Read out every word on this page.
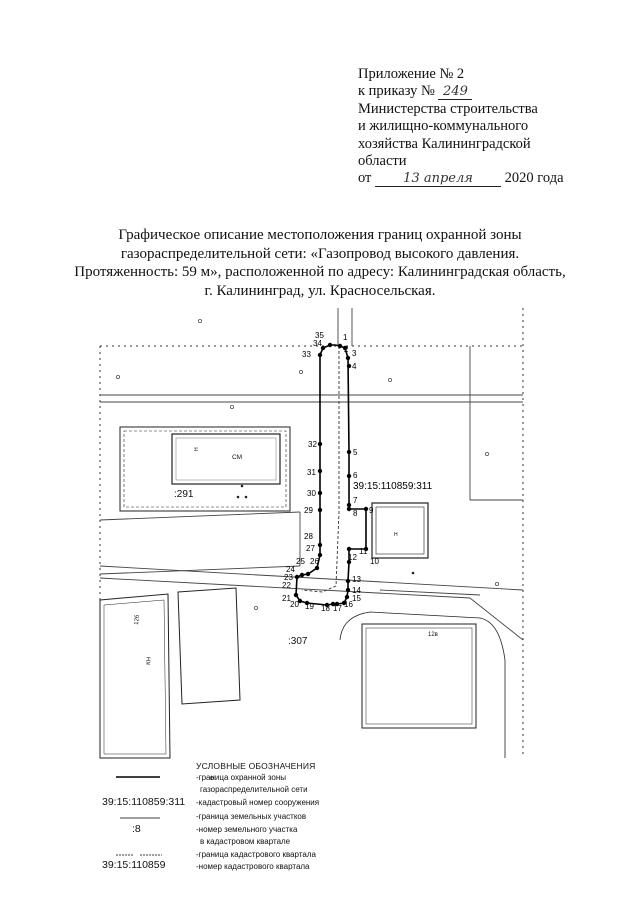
Приложение № 2
к приказу № 249
Министерства строительства
и жилищно-коммунального
хозяйства Калининградской
области
от 13 апреля 2020 года
Графическое описание местоположения границ охранной зоны
газораспределительной сети: «Газопровод высокого давления.
Протяженность: 59 м», расположенной по адресу: Калининградская область,
г. Калининград, ул. Красносельская.
СМ
Н
:291
Н
12б
КН
12в
:307
1
2 3
4
5
6
7
8 9
10
11
12
13
14
15
16
17
18
19
20
21
22
23
24
25 26
27
28
29
30
31
32
33
34
35
39:15:110859:311
УСЛОВНЫЕ ОБОЗНАЧЕНИЯ
-граница охранной зоны
газораспределительной сети
39:15:110859:311 -кадастровый номер сооружения
-граница земельных участков
:8	-номер земельного участка
в кадастровом квартале
-граница кадастрового квартала
39:15:110859	-номер кадастрового квартала
